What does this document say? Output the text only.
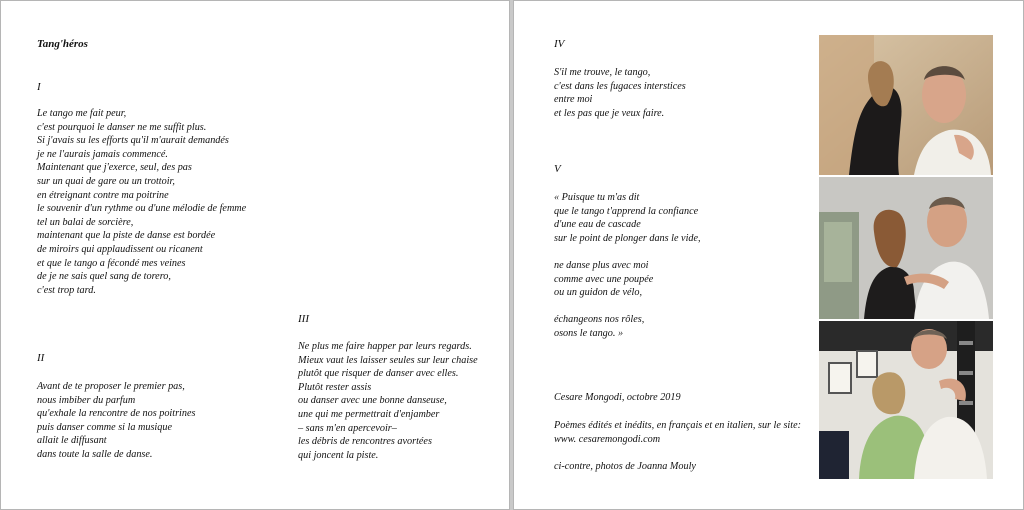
Tang'héros
I
Le tango me fait peur,
c'est pourquoi le danser ne me suffit plus.
Si j'avais su les efforts qu'il m'aurait demandés
je ne l'aurais jamais commencé.
Maintenant que j'exerce, seul, des pas
sur un quai de gare ou un trottoir,
en étreignant contre ma poitrine
le souvenir d'un rythme ou d'une mélodie de femme
tel un balai de sorcière,
maintenant que la piste de danse est bordée
de miroirs qui applaudissent ou ricanent
et que le tango a fécondé mes veines
de je ne sais quel sang de torero,
c'est trop tard.
II
Avant de te proposer le premier pas,
nous imbiber du parfum
qu'exhale la rencontre de nos poitrines
puis danser comme si la musique
allait le diffusant
dans toute la salle de danse.
III
Ne plus me faire happer par leurs regards.
Mieux vaut les laisser seules sur leur chaise
plutôt que risquer de danser avec elles.
Plutôt rester assis
ou danser avec une bonne danseuse,
une qui me permettrait d'enjamber
– sans m'en apercevoir–
les débris de rencontres avortées
qui joncent la piste.
IV
S'il me trouve, le tango,
c'est dans les fugaces interstices
entre moi
et les pas que je veux faire.
V
« Puisque tu m'as dit
que le tango t'apprend la confiance
d'une eau de cascade
sur le point de plonger dans le vide,
ne danse plus avec moi
comme avec une poupée
ou un guidon de vélo,
échangeons nos rôles,
osons le tango. »
Cesare Mongodi, octobre 2019
Poèmes édités et inédits, en français et en italien, sur le site:
www. cesaremongodi.com
ci-contre, photos de Joanna Mouly
